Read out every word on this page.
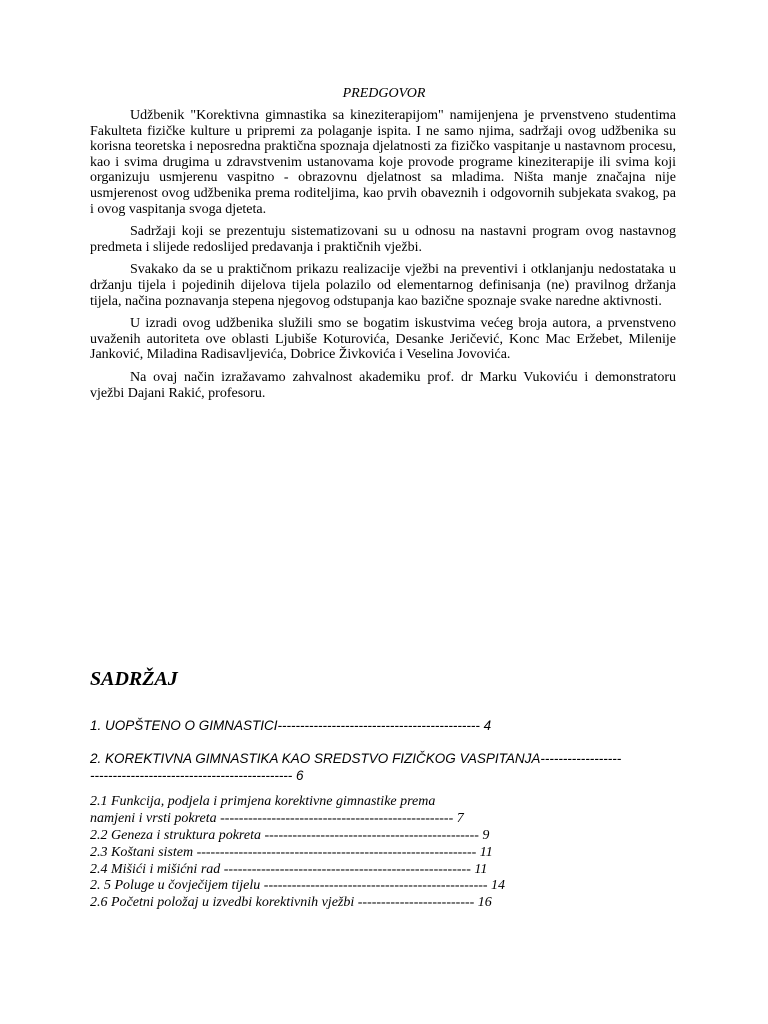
PREDGOVOR

Udžbenik "Korektivna gimnastika sa kineziterapijom" namijenjena je prvenstveno studentima Fakulteta fizičke kulture u pripremi za polaganje ispita. I ne samo njima, sadržaji ovog udžbenika su korisna teoretska i neposredna praktična spoznaja djelatnosti za fizičko vaspitanje u nastavnom procesu, kao i svima drugima u zdravstvenim ustanovama koje provode programe kineziterapije ili svima koji organizuju usmjerenu vaspitno - obrazovnu djelatnost sa mladima. Ništa manje značajna nije usmjerenost ovog udžbenika prema roditeljima, kao prvih obaveznih i odgovornih subjekata svakog, pa i ovog vaspitanja svoga djeteta.

Sadržaji koji se prezentuju sistematizovani su u odnosu na nastavni program ovog nastavnog predmeta i slijede redoslijed predavanja i praktičnih vježbi.

Svakako da se u praktičnom prikazu realizacije vježbi na preventivi i otklanjanju nedostataka u držanju tijela i pojedinih dijelova tijela polazilo od elementarnog definisanja (ne) pravilnog držanja tijela, načina poznavanja stepena njegovog odstupanja kao bazične spoznaje svake naredne aktivnosti.

U izradi ovog udžbenika služili smo se bogatim iskustvima većeg broja autora, a prvenstveno uvaženih autoriteta ove oblasti Ljubiše Koturovića, Desanke Jeričević, Konc Mac Eržebet, Milenije Janković, Miladina Radisavljevića, Dobrice Živkovića i Veselina Jovovića.

Na ovaj način izražavamo zahvalnost akademiku prof. dr Marku Vukoviću i demonstratoru vježbi Dajani Rakić, profesoru.

SADRŽAJ
1. UOPŠTENO O GIMNASTICI--------------------------------------------- 4
2. KOREKTIVNA GIMNASTIKA KAO SREDSTVO FIZIČKOG VASPITANJA------------------
--------------------------------------------- 6
2.1 Funkcija, podjela i primjena korektivne gimnastike prema
namjeni i vrsti pokreta -------------------------------------------------- 7
2.2 Geneza i struktura pokreta ---------------------------------------------- 9
2.3 Koštani sistem ------------------------------------------------------------ 11
2.4 Mišići i mišićni rad ----------------------------------------------------- 11
2. 5 Poluge u čovječijem tijelu ------------------------------------------------ 14
2.6 Početni položaj u izvedbi korektivnih vježbi ------------------------- 16
